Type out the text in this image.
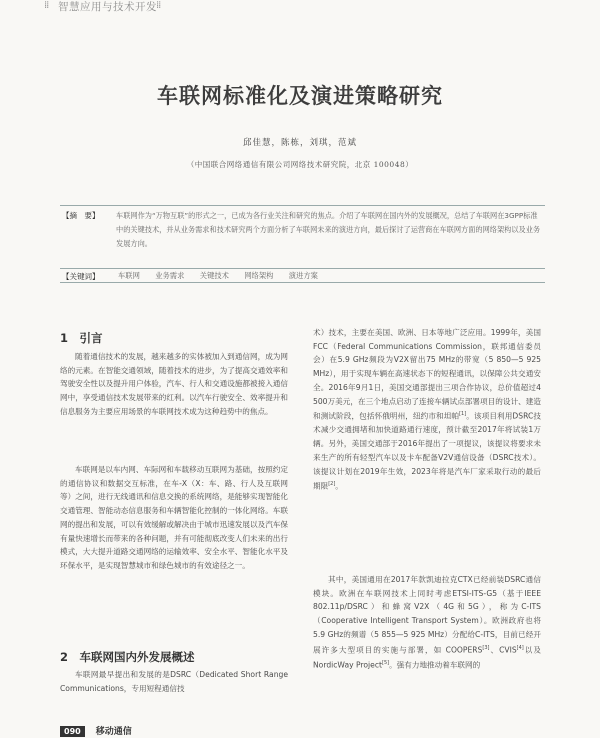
⁞⁞ 智慧应用与技术开发 ⁞⁞
车联网标准化及演进策略研究
邱佳慧，陈栋，刘琪，范斌
（中国联合网络通信有限公司网络技术研究院，北京 100048）
【摘　要】 车联网作为“万物互联”的形式之一，已成为各行业关注和研究的焦点。介绍了车联网在国内外的发展概况，总结了车联网在3GPP标准中的关键技术，并从业务需求和技术研究两个方面分析了车联网未来的演进方向，最后探讨了运营商在车联网方面的网络架构以及业务发展方向。

【关键词】	车联网 业务需求 关键技术 网络架构 演进方案
1　引言

随着通信技术的发展，越来越多的实体被加入到通信网，成为网络的元素。在智能交通领域，随着技术的进步，为了提高交通效率和驾驶安全性以及提升用户体验，汽车、行人和交通设施都被接入通信网中，享受通信技术发展带来的红利。以汽车行驶安全、效率提升和信息服务为主要应用场景的车联网技术成为这种趋势中的焦点。

车联网是以车内网、车际网和车载移动互联网为基础，按照约定的通信协议和数据交互标准，在车-X（X：车、路、行人及互联网等）之间，进行无线通讯和信息交换的系统网络，是能够实现智能化交通管理、智能动态信息服务和车辆智能化控制的一体化网络。车联网的提出和发展，可以有效缓解或解决由于城市迅速发展以及汽车保有量快速增长而带来的各种问题，并有可能彻底改变人们未来的出行模式，大大提升道路交通网络的运输效率、安全水平、智能化水平及环保水平，是实现智慧城市和绿色城市的有效途径之一。

2　车联网国内外发展概述

车联网最早提出和发展的是DSRC（Dedicated Short Range Communications，专用短程通信技

术）技术，主要在美国、欧洲、日本等地广泛应用。1999年，美国 FCC（Federal Communications Commission，联邦通信委员会）在5.9 GHz频段为V2X留出75 MHz的带宽（5 850—5 925 MHz），用于实现车辆在高速状态下的短程通讯，以保障公共交通安全。2016年9月1日，美国交通部提出三项合作协议，总价值超过4 500万美元，在三个地点启动了连接车辆试点部署项目的设计、建造和测试阶段，包括怀俄明州，纽约市和坦帕[1]。该项目利用DSRC技术减少交通拥堵和加快道路通行速度，预计截至2017年将试装1万辆。另外，美国交通部于2016年提出了一项提议，该提议将要求未来生产的所有轻型汽车以及卡车配备V2V通信设备（DSRC技术）。该提议计划在2019年生效，2023年将是汽车厂家采取行动的最后期限[2]。

其中，美国通用在2017年款凯迪拉克CTX已经前装DSRC通信模块。欧洲在车联网技术上同时考虑ETSI-ITS-G5（基于IEEE 802.11p/DSRC）和蜂窝V2X（4G和5G），称为C-ITS（Cooperative Intelligent Transport System）。欧洲政府也将5.9 GHz的频谱（5 855—5 925 MHz）分配给C-ITS，目前已经开展许多大型项目的实施与部署，如 COOPERS[3]、CVIS[4]以及NordicWay Project[5]。强有力地推动着车联网的

090 移动通信
